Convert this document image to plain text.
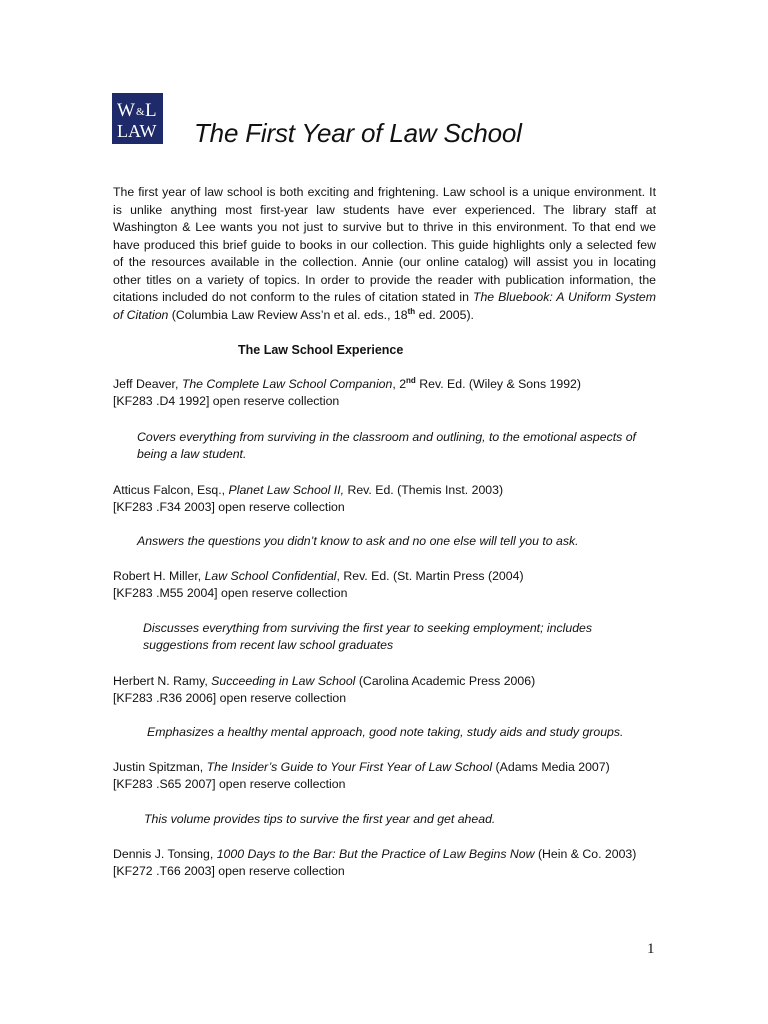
W & L
LAW The First Year of Law School
The first year of law school is both exciting and frightening. Law school is a unique environment. It is unlike anything most first-year law students have ever experienced. The library staff at Washington & Lee wants you not just to survive but to thrive in this environment. To that end we have produced this brief guide to books in our collection. This guide highlights only a selected few of the resources available in the collection. Annie (our online catalog) will assist you in locating other titles on a variety of topics. In order to provide the reader with publication information, the citations included do not conform to the rules of citation stated in The Bluebook: A Uniform System of Citation (Columbia Law Review Ass’n et al. eds., 18th ed. 2005).
The Law School Experience
Jeff Deaver, The Complete Law School Companion, 2nd Rev. Ed. (Wiley & Sons 1992)
[KF283 .D4 1992] open reserve collection
Covers everything from surviving in the classroom and outlining, to the emotional aspects of being a law student.
Atticus Falcon, Esq., Planet Law School II, Rev. Ed. (Themis Inst. 2003)
[KF283 .F34 2003] open reserve collection
Answers the questions you didn’t know to ask and no one else will tell you to ask.
Robert H. Miller, Law School Confidential, Rev. Ed. (St. Martin Press (2004)
[KF283 .M55 2004] open reserve collection
Discusses everything from surviving the first year to seeking employment; includes suggestions from recent law school graduates
Herbert N. Ramy, Succeeding in Law School (Carolina Academic Press 2006)
[KF283 .R36 2006] open reserve collection
Emphasizes a healthy mental approach, good note taking, study aids and study groups.
Justin Spitzman, The Insider’s Guide to Your First Year of Law School (Adams Media 2007)
[KF283 .S65 2007] open reserve collection
This volume provides tips to survive the first year and get ahead.
Dennis J. Tonsing, 1000 Days to the Bar: But the Practice of Law Begins Now (Hein & Co. 2003)
[KF272 .T66 2003] open reserve collection
1
